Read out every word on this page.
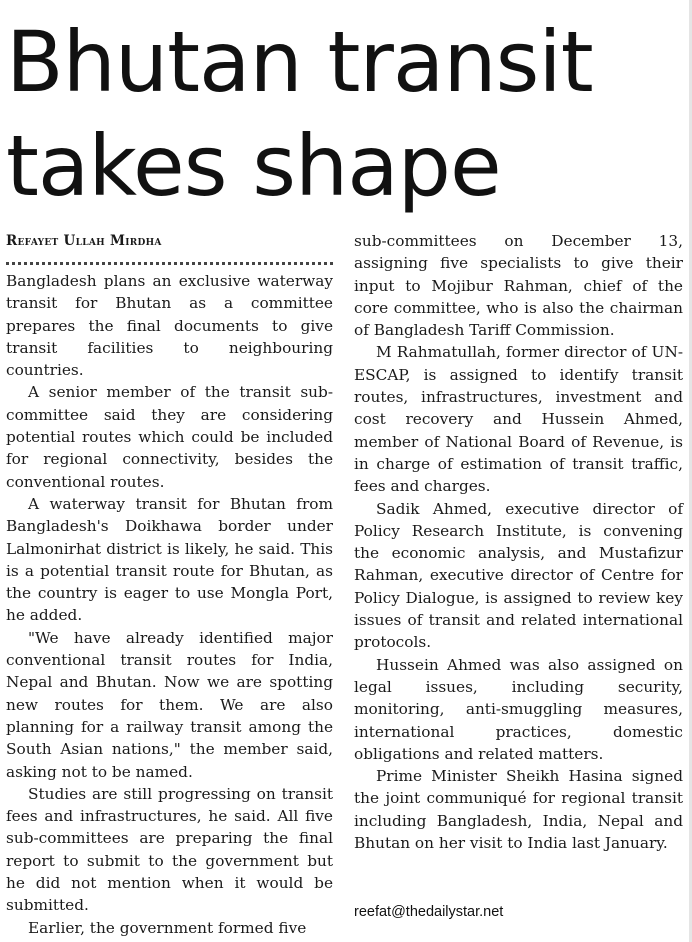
Bhutan transit
takes shape
Refayet Ullah Mirdha

Bangladesh plans an exclusive waterway transit for Bhutan as a committee prepares the final documents to give transit facilities to neighbouring countries.

A senior member of the transit sub-committee said they are considering potential routes which could be included for regional connectivity, besides the conventional routes.

A waterway transit for Bhutan from Bangladesh's Doikhawa border under Lalmonirhat district is likely, he said. This is a potential transit route for Bhutan, as the country is eager to use Mongla Port, he added.

"We have already identified major conventional transit routes for India, Nepal and Bhutan. Now we are spotting new routes for them. We are also planning for a railway transit among the South Asian nations," the member said, asking not to be named.

Studies are still progressing on transit fees and infrastructures, he said. All five sub-committees are preparing the final report to submit to the government but he did not mention when it would be submitted.

Earlier, the government formed five

sub-committees on December 13, assigning five specialists to give their input to Mojibur Rahman, chief of the core committee, who is also the chairman of Bangladesh Tariff Commission.

M Rahmatullah, former director of UN-ESCAP, is assigned to identify transit routes, infrastructures, investment and cost recovery and Hussein Ahmed, member of National Board of Revenue, is in charge of estimation of transit traffic, fees and charges.

Sadik Ahmed, executive director of Policy Research Institute, is convening the economic analysis, and Mustafizur Rahman, executive director of Centre for Policy Dialogue, is assigned to review key issues of transit and related international protocols.

Hussein Ahmed was also assigned on legal issues, including security, monitoring, anti-smuggling measures, international practices, domestic obligations and related matters.

Prime Minister Sheikh Hasina signed the joint communiqué for regional transit including Bangladesh, India, Nepal and Bhutan on her visit to India last January.

reefat@thedailystar.net
